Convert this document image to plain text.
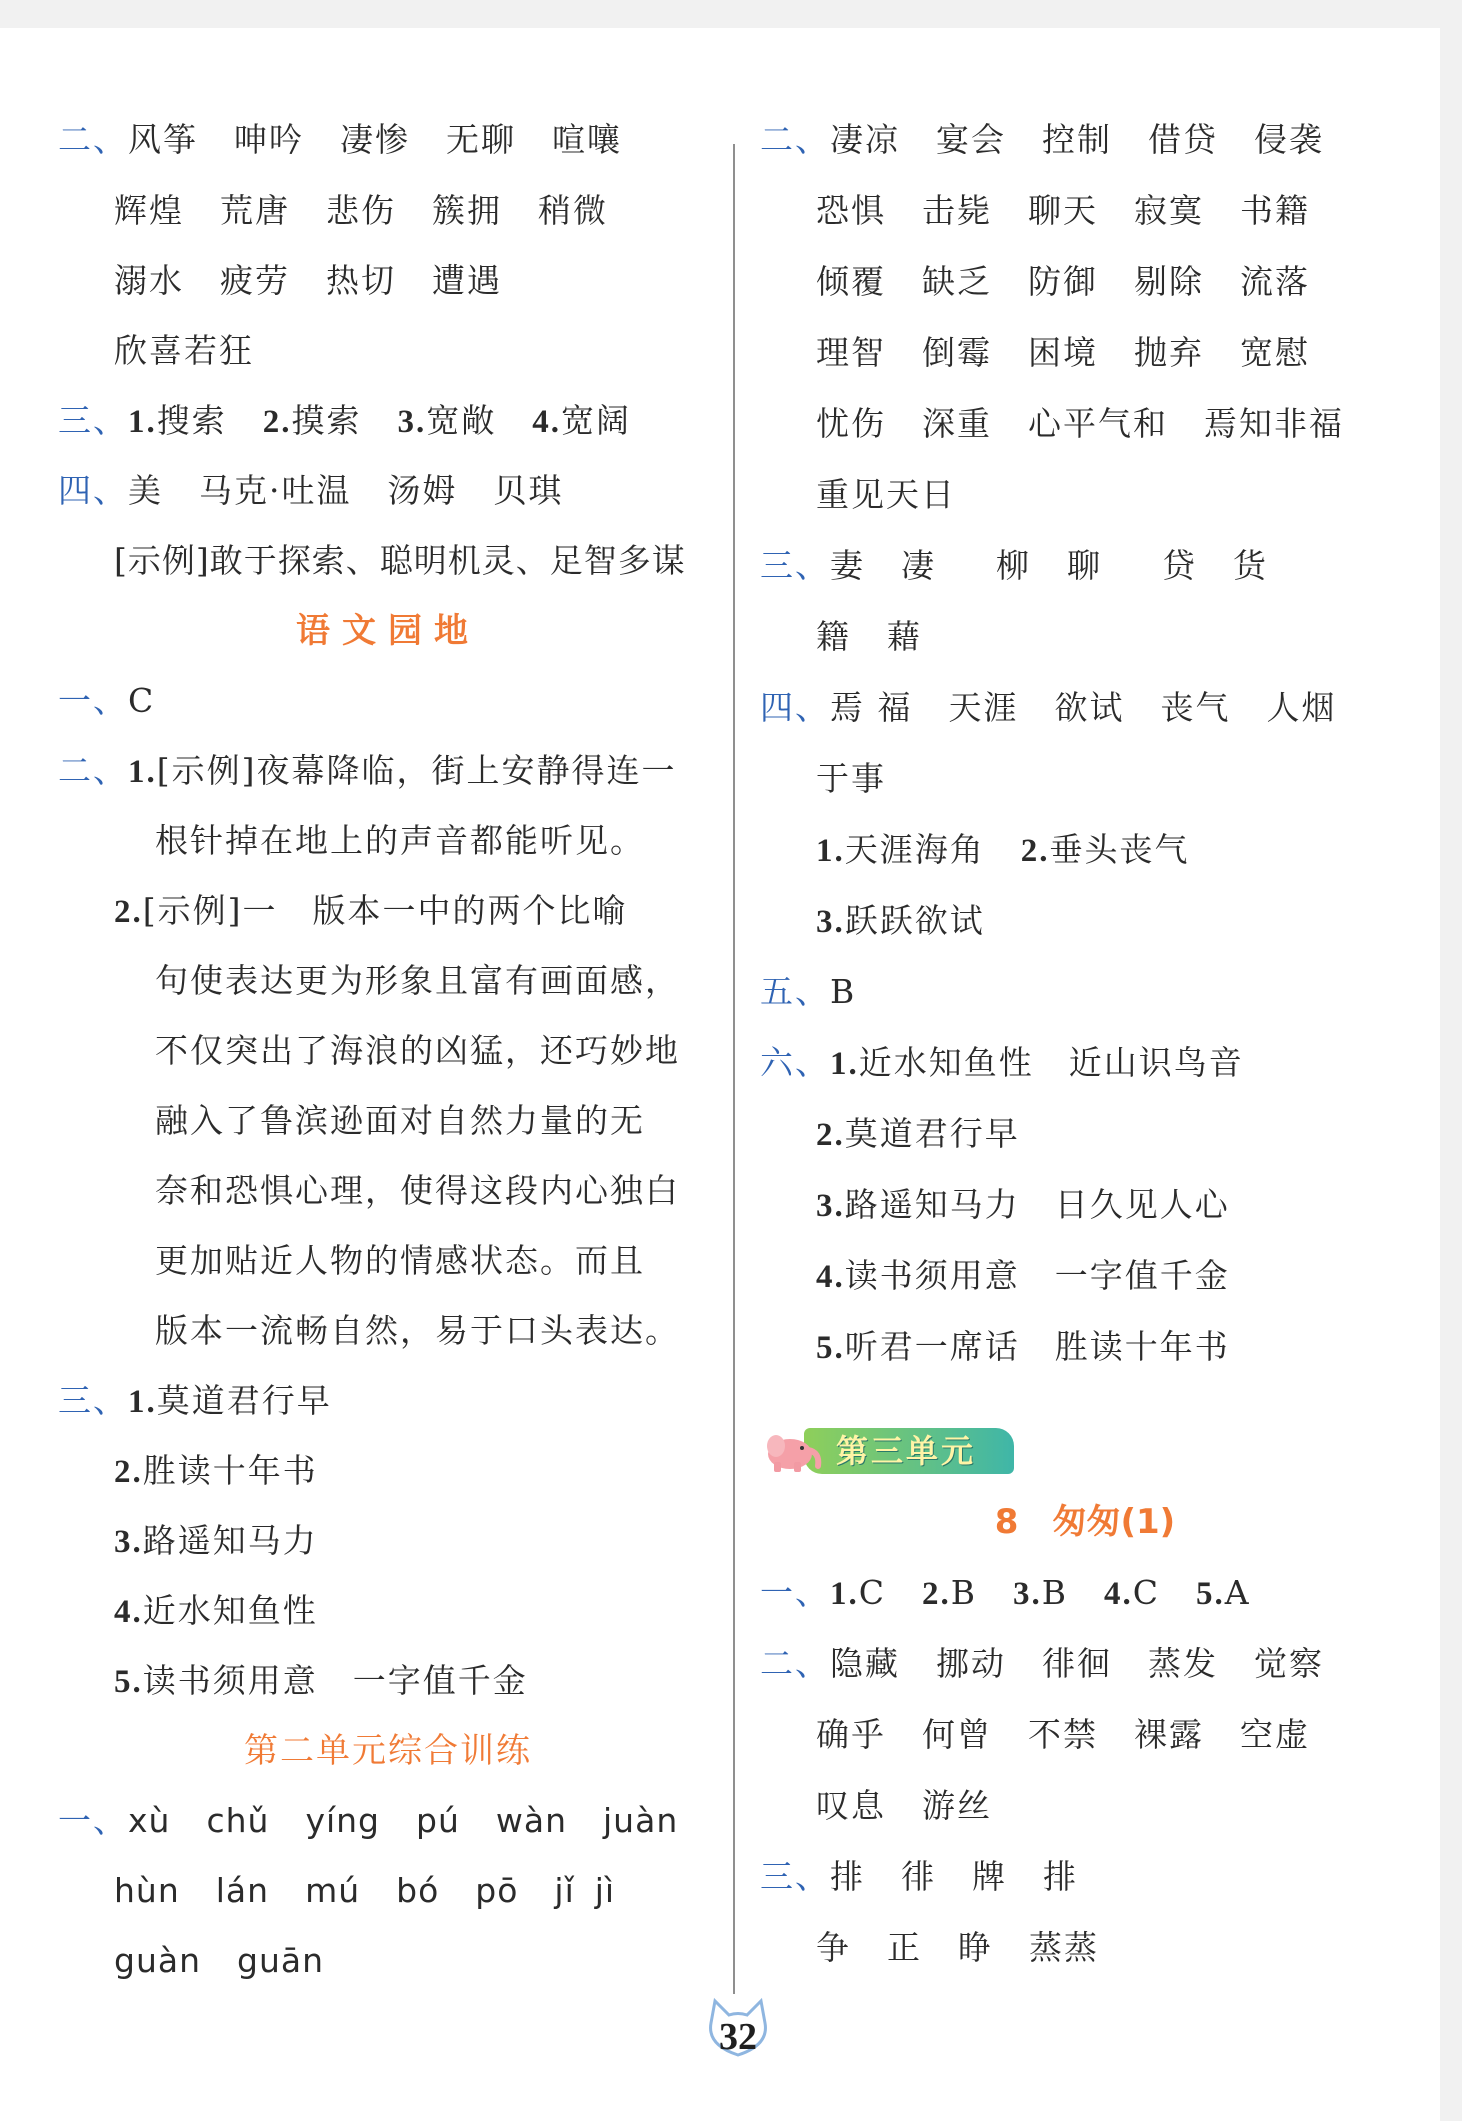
二、风筝 呻吟 凄惨 无聊 喧嚷
辉煌 荒唐 悲伤 簇拥 稍微
溺水 疲劳 热切 遭遇
欣喜若狂
三、1.搜索 2.摸索 3.宽敞 4.宽阔
四、美 马克·吐温 汤姆 贝琪
[示例]敢于探索、聪明机灵、足智多谋
语文园地
一、C
二、1.[示例]夜幕降临，街上安静得连一
根针掉在地上的声音都能听见。
2.[示例]一　版本一中的两个比喻
句使表达更为形象且富有画面感，
不仅突出了海浪的凶猛，还巧妙地
融入了鲁滨逊面对自然力量的无
奈和恐惧心理，使得这段内心独白
更加贴近人物的情感状态。而且
版本一流畅自然，易于口头表达。
三、1.莫道君行早
2.胜读十年书
3.路遥知马力
4.近水知鱼性
5.读书须用意　一字值千金
第二单元综合训练
一、xù chǔ yíng pú wàn juàn
hùn lán mú bó pō jǐ jì
guàn guān
二、凄凉 宴会 控制 借贷 侵袭
恐惧 击毙 聊天 寂寞 书籍
倾覆 缺乏 防御 剔除 流落
理智 倒霉 困境 抛弃 宽慰
忧伤 深重 心平气和 焉知非福
重见天日
三、妻 凄 柳 聊 贷 货
籍 藉
四、焉 福 天涯 欲试 丧气 人烟
于事
1.天涯海角 2.垂头丧气
3.跃跃欲试
五、B
六、1.近水知鱼性　近山识鸟音
2.莫道君行早
3.路遥知马力　日久见人心
4.读书须用意　一字值千金
5.听君一席话　胜读十年书
第三单元
8　匆匆(1)
一、1.C 2.B 3.B 4.C 5.A
二、隐藏 挪动 徘徊 蒸发 觉察
确乎 何曾 不禁 裸露 空虚
叹息 游丝
三、排 徘 牌 排
争 正 睁 蒸蒸
32
